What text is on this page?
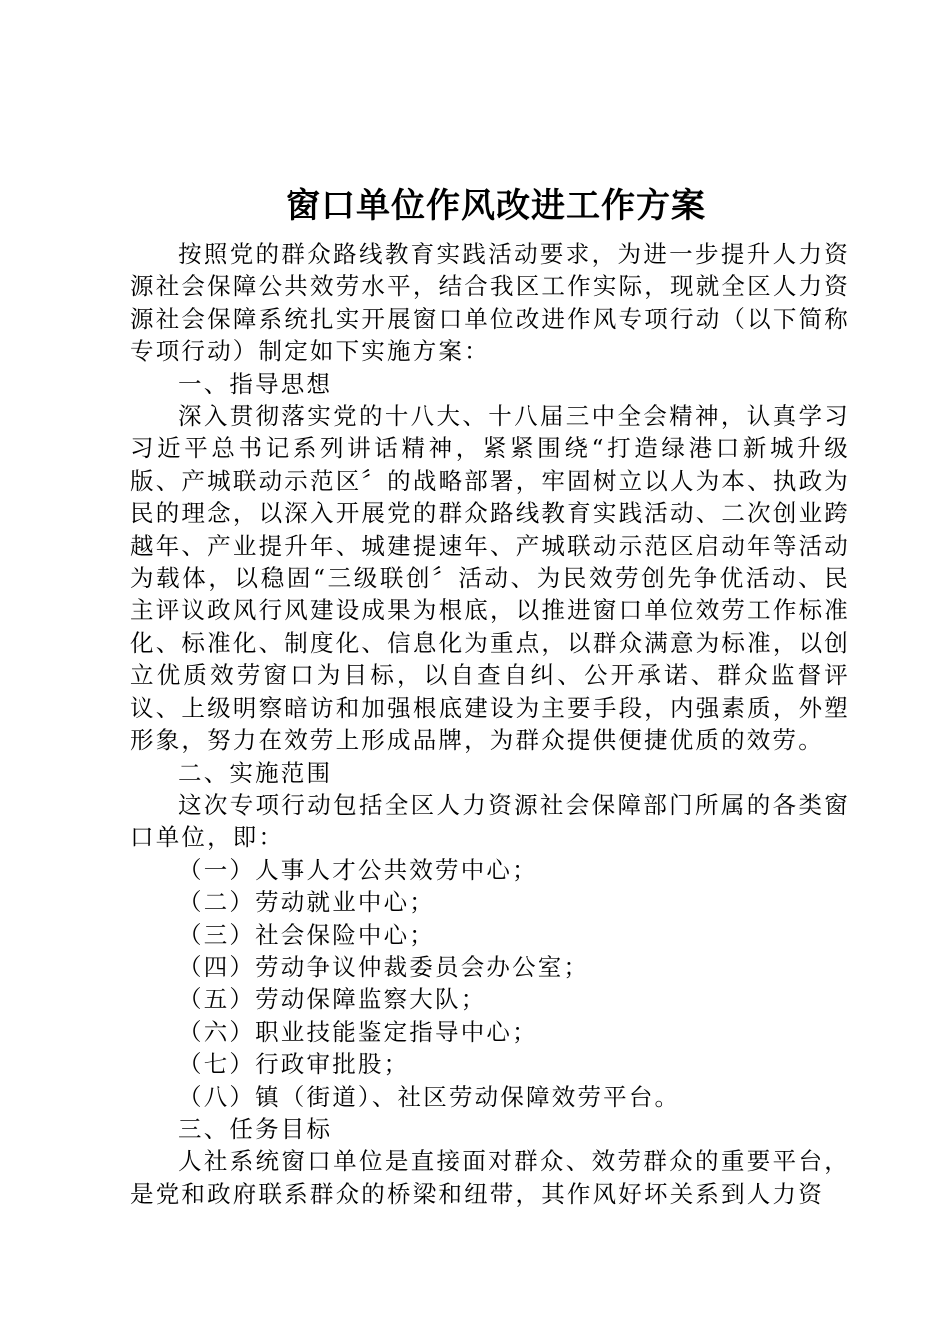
窗口单位作风改进工作方案

按照党的群众路线教育实践活动要求，为进一步提升人力资源社会保障公共效劳水平，结合我区工作实际，现就全区人力资源社会保障系统扎实开展窗口单位改进作风专项行动（以下简称专项行动）制定如下实施方案：

一、指导思想

深入贯彻落实党的十八大、十八届三中全会精神，认真学习习近平总书记系列讲话精神，紧紧围绕“打造绿港口新城升级版、产城联动示范区〞的战略部署，牢固树立以人为本、执政为民的理念，以深入开展党的群众路线教育实践活动、二次创业跨越年、产业提升年、城建提速年、产城联动示范区启动年等活动为载体，以稳固“三级联创〞活动、为民效劳创先争优活动、民主评议政风行风建设成果为根底，以推进窗口单位效劳工作标准化、标准化、制度化、信息化为重点，以群众满意为标准，以创立优质效劳窗口为目标，以自查自纠、公开承诺、群众监督评议、上级明察暗访和加强根底建设为主要手段，内强素质，外塑形象，努力在效劳上形成品牌，为群众提供便捷优质的效劳。

二、实施范围

这次专项行动包括全区人力资源社会保障部门所属的各类窗口单位，即：

（一）人事人才公共效劳中心；

（二）劳动就业中心；

（三）社会保险中心；

（四）劳动争议仲裁委员会办公室；

（五）劳动保障监察大队；

（六）职业技能鉴定指导中心；

（七）行政审批股；

（八）镇（街道）、社区劳动保障效劳平台。

三、任务目标

人社系统窗口单位是直接面对群众、效劳群众的重要平台，是党和政府联系群众的桥梁和纽带，其作风好坏关系到人力资
